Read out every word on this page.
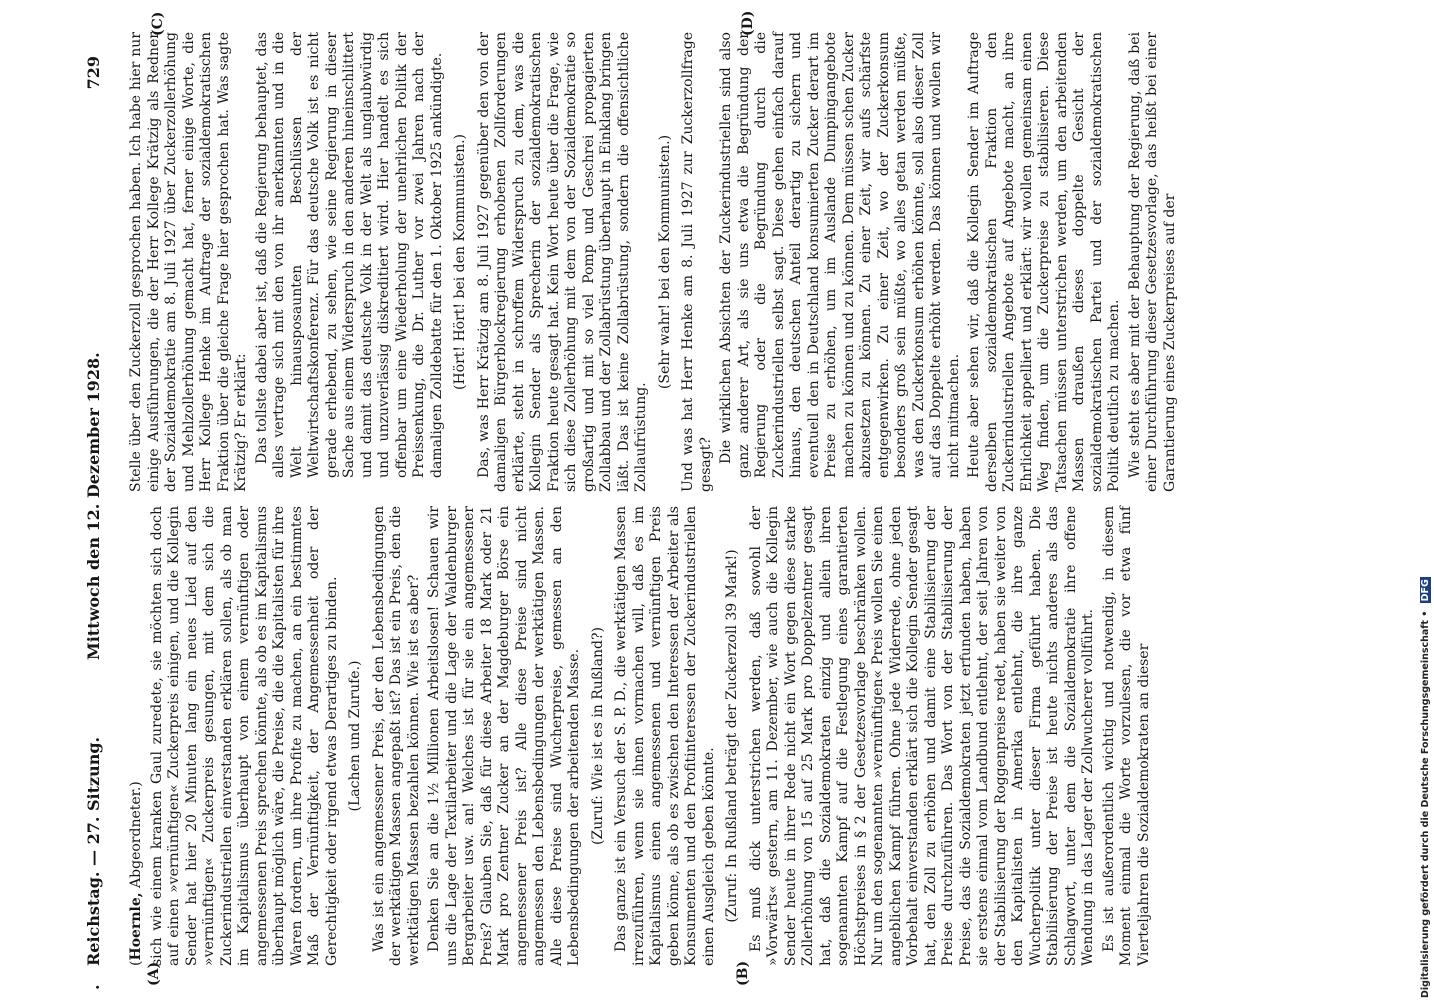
.
Reichstag. — 27. Sitzung.
Mittwoch den 12. Dezember 1928.
729
(A)	(B)
(C)	(D)

(Hoernle, Abgeordneter.) sich wie einem kranken Gaul zuredete, sie möchten sich doch auf einen »vernünftigen« Zuckerpreis einigen, und die Kollegin Sender hat hier 20 Minuten lang ein neues Lied auf den »vernünftigen« Zuckerpreis gesungen, mit dem sich die Zuckerindustriellen einverstanden erklären sollen, als ob man im Kapitalismus überhaupt von einem vernünftigen oder angemessenen Preis sprechen könnte, als ob es im Kapitalismus überhaupt möglich wäre, die Preise, die die Kapitalisten für ihre Waren fordern, um ihre Profite zu machen, an ein bestimmtes Maß der Vernünftigkeit, der Angemessenheit oder der Gerechtigkeit oder irgend etwas Derartiges zu binden. (Lachen und Zurufe.) Was ist ein angemessener Preis, der den Lebensbedingungen der werktätigen Massen angepaßt ist? Das ist ein Preis, den die werktätigen Massen bezahlen können. Wie ist es aber? Denken Sie an die 1½ Millionen Arbeitslosen! Schauen wir uns die Lage der Textilarbeiter und die Lage der Waldenburger Bergarbeiter usw. an! Welches ist für sie ein angemessener Preis? Glauben Sie, daß für diese Arbeiter 18 Mark oder 21 Mark pro Zentner Zucker an der Magdeburger Börse ein angemessener Preis ist? Alle diese Preise sind nicht angemessen den Lebensbedingungen der werktätigen Massen. Alle diese Preise sind Wucherpreise, gemessen an den Lebensbedingungen der arbeitenden Masse. (Zuruf: Wie ist es in Rußland?) Das ganze ist ein Versuch der S. P. D., die werktätigen Massen irrezuführen, wenn sie ihnen vormachen will, daß es im Kapitalismus einen angemessenen und vernünftigen Preis geben könne, als ob es zwischen den Interessen der Arbeiter als Konsumenten und den Profitinteressen der Zuckerindustriellen einen Ausgleich geben könnte. (Zuruf: In Rußland beträgt der Zuckerzoll 39 Mark!) Es muß dick unterstrichen werden, daß sowohl der »Vorwärts« gestern, am 11. Dezember, wie auch die Kollegin Sender heute in ihrer Rede nicht ein Wort gegen diese starke Zollerhöhung von 15 auf 25 Mark pro Doppelzentner gesagt hat, daß die Sozialdemokraten einzig und allein ihren sogenannten Kampf auf die Festlegung eines garantierten Höchstpreises in § 2 der Gesetzesvorlage beschränken wollen. Nur um den sogenannten »vernünftigen« Preis wollen Sie einen angeblichen Kampf führen. Ohne jede Widerrede, ohne jeden Vorbehalt einverstanden erklärt sich die Kollegin Sender gesagt hat, den Zoll zu erhöhen und damit eine Stabilisierung der Preise durchzuführen. Das Wort von der Stabilisierung der Preise, das die Sozialdemokraten jetzt erfunden haben, haben sie erstens einmal vom Landbund entlehnt, der seit Jahren von der Stabilisierung der Roggenpreise redet, haben sie weiter von den Kapitalisten in Amerika entlehnt, die ihre ganze Wucherpolitik unter dieser Firma geführt haben. Die Stabilisierung der Preise ist heute nichts anderes als das Schlagwort, unter dem die Sozialdemokratie ihre offene Wendung in das Lager der Zollwucherer vollführt. Es ist außerordentlich wichtig und notwendig, in diesem Moment einmal die Worte vorzulesen, die vor etwa fünf Vierteljahren die Sozialdemokraten an dieser

Stelle über den Zuckerzoll gesprochen haben. Ich habe hier nur einige Ausführungen, die der Herr Kollege Krätzig als Redner der Sozialdemokratie am 8. Juli 1927 über Zuckerzollerhöhung und Mehlzollerhöhung gemacht hat, ferner einige Worte, die Herr Kollege Henke im Auftrage der sozialdemokratischen Fraktion über die gleiche Frage hier gesprochen hat. Was sagte Krätzig? Er erklärt: Das tollste dabei aber ist, daß die Regierung behauptet, das alles vertrage sich mit den von ihr anerkannten und in die Welt hinausposaunten Beschlüssen der Weltwirtschaftskonferenz. Für das deutsche Volk ist es nicht gerade erhebend, zu sehen, wie seine Regierung in dieser Sache aus einem Widerspruch in den anderen hineinschlittert und damit das deutsche Volk in der Welt als unglaubwürdig und unzuverlässig diskreditiert wird. Hier handelt es sich offenbar um eine Wiederholung der unehrlichen Politik der Preissenkung, die Dr. Luther vor zwei Jahren nach der damaligen Zolldebatte für den 1. Oktober 1925 ankündigte. (Hört! Hört! bei den Kommunisten.) Das, was Herr Krätzig am 8. Juli 1927 gegenüber den von der damaligen Bürgerblockregierung erhobenen Zollforderungen erklärte, steht in schroffem Widerspruch zu dem, was die Kollegin Sender als Sprecherin der sozialdemokratischen Fraktion heute gesagt hat. Kein Wort heute über die Frage, wie sich diese Zollerhöhung mit dem von der Sozialdemokratie so großartig und mit so viel Pomp und Geschrei propagierten Zollabbau und der Zollabrüstung überhaupt in Einklang bringen läßt. Das ist keine Zollabrüstung, sondern die offensichtliche Zollaufrüstung.

(Sehr wahr! bei den Kommunisten.) Und was hat Herr Henke am 8. Juli 1927 zur Zuckerzollfrage gesagt?

Die wirklichen Absichten der Zuckerindustriellen sind also ganz anderer Art, als sie uns etwa die Begründung der Regierung oder die Begründung durch die Zuckerindustriellen selbst sagt. Diese gehen einfach darauf hinaus, den deutschen Anteil derartig zu sichern und eventuell den in Deutschland konsumierten Zucker derart im Preise zu erhöhen, um im Auslande Dumpingangebote machen zu können und zu können. Dem müssen schen Zucker abzusetzen zu können. Zu einer Zeit, wir aufs schärfste entgegenwirken. Zu einer Zeit, wo der Zuckerkonsum besonders groß sein müßte, wo alles getan werden müßte, was den Zuckerkonsum erhöhen könnte, soll also dieser Zoll auf das Doppelte erhöht werden. Das können und wollen wir nicht mitmachen. Heute aber sehen wir, daß die Kollegin Sender im Auftrage derselben sozialdemokratischen Fraktion den Zuckerindustriellen Angebote auf Angebote macht, an ihre Ehrlichkeit appelliert und erklärt: wir wollen gemeinsam einen Weg finden, um die Zuckerpreise zu stabilisieren. Diese Tatsachen müssen unterstrichen werden, um den arbeitenden Massen draußen dieses doppelte Gesicht der sozialdemokratischen Partei und der sozialdemokratischen Politik deutlich zu machen. Wie steht es aber mit der Behauptung der Regierung, daß bei einer Durchführung dieser Gesetzesvorlage, das heißt bei einer Garantierung eines Zuckerpreises auf der

Digitalisierung gefördert durch die Deutsche Forschungsgemeinschaft • DFG
